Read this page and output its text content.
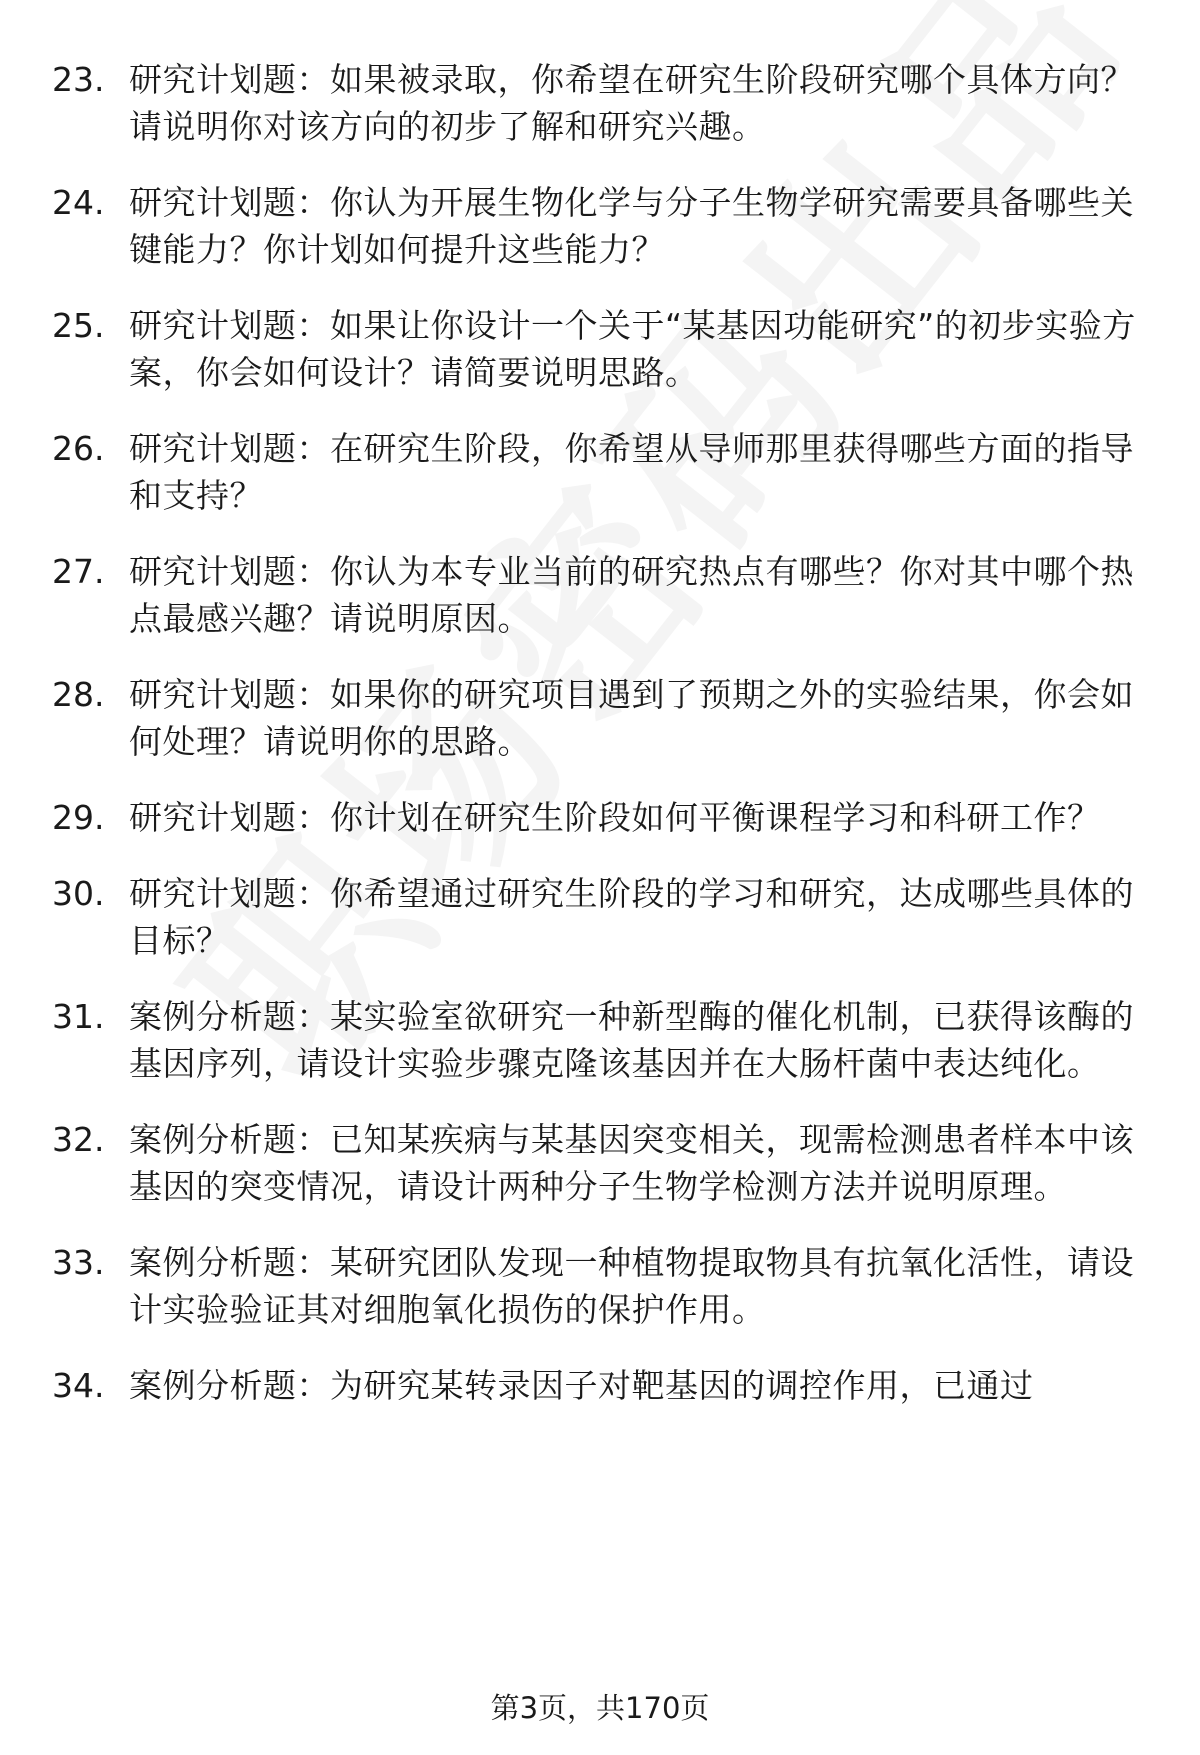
23. 研究计划题：如果被录取，你希望在研究生阶段研究哪个具体方向？请说明你对该方向的初步了解和研究兴趣。
24. 研究计划题：你认为开展生物化学与分子生物学研究需要具备哪些关键能力？你计划如何提升这些能力？
25. 研究计划题：如果让你设计一个关于“某基因功能研究”的初步实验方案，你会如何设计？请简要说明思路。
26. 研究计划题：在研究生阶段，你希望从导师那里获得哪些方面的指导和支持？
27. 研究计划题：你认为本专业当前的研究热点有哪些？你对其中哪个热点最感兴趣？请说明原因。
28. 研究计划题：如果你的研究项目遇到了预期之外的实验结果，你会如何处理？请说明你的思路。
29. 研究计划题：你计划在研究生阶段如何平衡课程学习和科研工作？
30. 研究计划题：你希望通过研究生阶段的学习和研究，达成哪些具体的目标？
31. 案例分析题：某实验室欲研究一种新型酶的催化机制，已获得该酶的基因序列，请设计实验步骤克隆该基因并在大肠杆菌中表达纯化。
32. 案例分析题：已知某疾病与某基因突变相关，现需检测患者样本中该基因的突变情况，请设计两种分子生物学检测方法并说明原理。
33. 案例分析题：某研究团队发现一种植物提取物具有抗氧化活性，请设计实验验证其对细胞氧化损伤的保护作用。
34. 案例分析题：为研究某转录因子对靶基因的调控作用，已通过
第3页，共170页
